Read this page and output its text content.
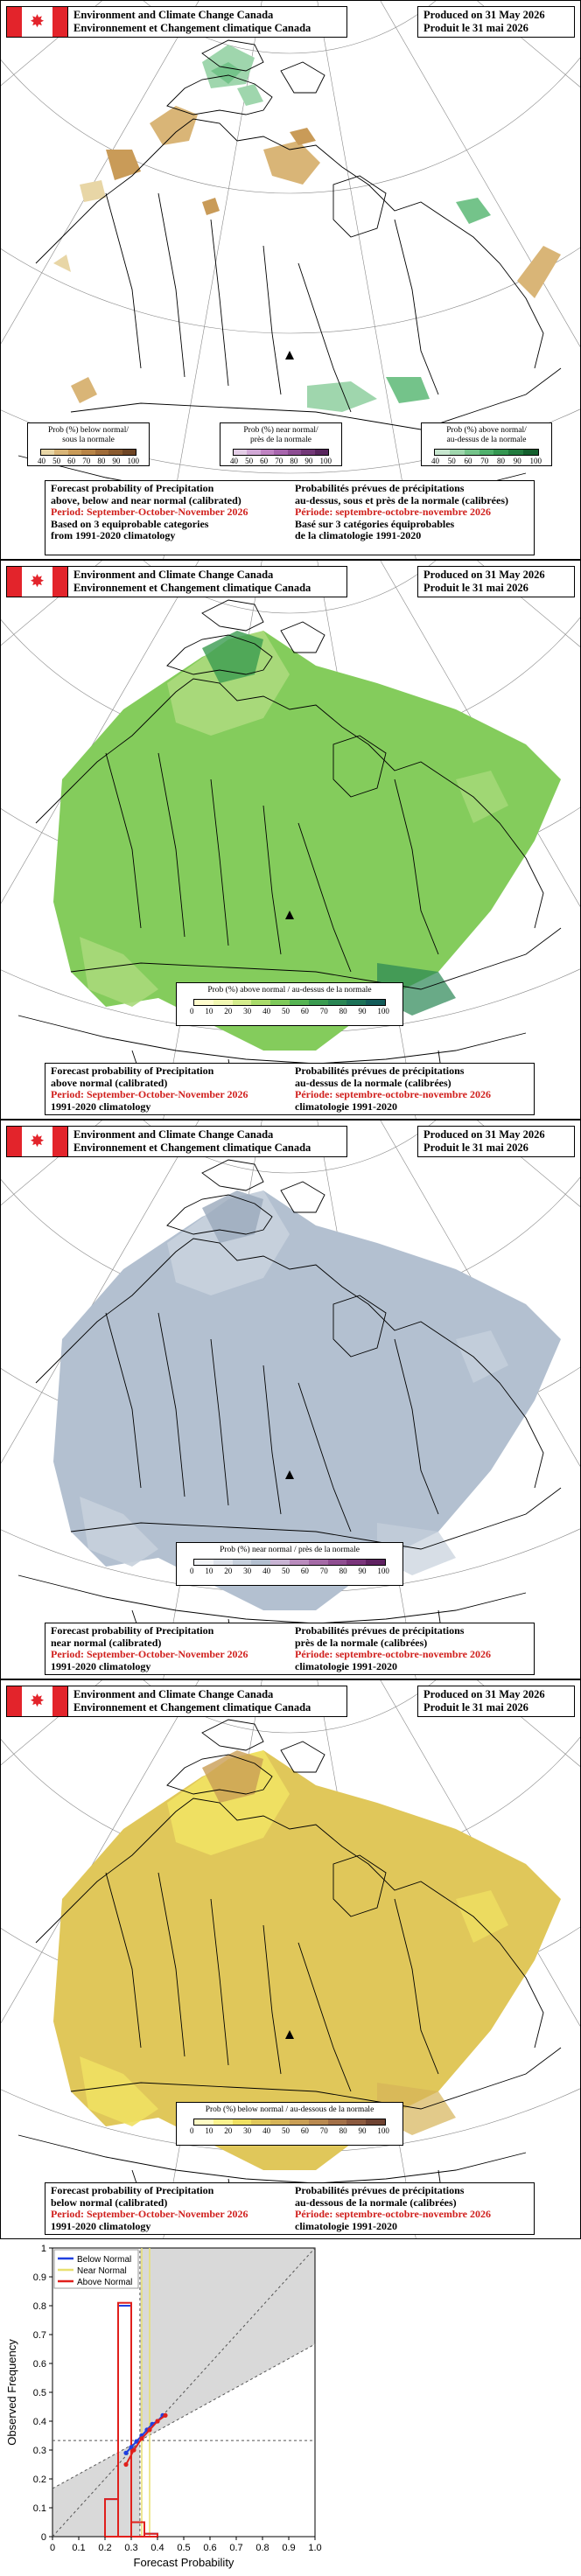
✸	Environment and Climate Change Canada
Environnement et Changement climatique Canada
Produced on 31 May 2026
Produit le 31 mai 2026
Prob (%) below normal/
sous la normale
40 50 60 70 80 90 100
Prob (%) near normal/
près de la normale
40 50 60 70 80 90 100
Prob (%) above normal/
au-dessus de la normale
40 50 60 70 80 90 100
Forecast probability of Precipitation
above, below and near normal (calibrated)
Period: September-October-November 2026
Based on 3 equiprobable categories
from 1991-2020 climatology
Probabilités prévues de précipitations
au-dessus, sous et près de la normale (calibrées)
Période: septembre-octobre-novembre 2026
Basé sur 3 catégories équiprobables
de la climatologie 1991-2020
✸	Environment and Climate Change Canada
Environnement et Changement climatique Canada
Produced on 31 May 2026
Produit le 31 mai 2026
Prob (%) above normal / au-dessus de la normale
0 10 20 30 40 50 60 70 80 90 100
Forecast probability of Precipitation
above normal (calibrated)
Period: September-October-November 2026
1991-2020 climatology
Probabilités prévues de précipitations
au-dessus de la normale (calibrées)
Période: septembre-octobre-novembre 2026
climatologie 1991-2020
✸	Environment and Climate Change Canada
Environnement et Changement climatique Canada
Produced on 31 May 2026
Produit le 31 mai 2026
Prob (%) near normal / près de la normale
0 10 20 30 40 50 60 70 80 90 100
Forecast probability of Precipitation
near normal (calibrated)
Period: September-October-November 2026
1991-2020 climatology
Probabilités prévues de précipitations
près de la normale (calibrées)
Période: septembre-octobre-novembre 2026
climatologie 1991-2020
✸	Environment and Climate Change Canada
Environnement et Changement climatique Canada
Produced on 31 May 2026
Produit le 31 mai 2026
Prob (%) below normal / au-dessous de la normale
0 10 20 30 40 50 60 70 80 90 100
Forecast probability of Precipitation
below normal (calibrated)
Period: September-October-November 2026
1991-2020 climatology
Probabilités prévues de précipitations
au-dessous de la normale (calibrées)
Période: septembre-octobre-novembre 2026
climatologie 1991-2020
0 0.1 0.2 0.3 0.4 0.5 0.6 0.7 0.8 0.9 1.0
0
0.1
0.2
0.3
0.4
0.5
0.6
0.7
0.8
0.9
1
Forecast Probability
Observed Frequency
Below Normal
Near Normal
Above Normal
